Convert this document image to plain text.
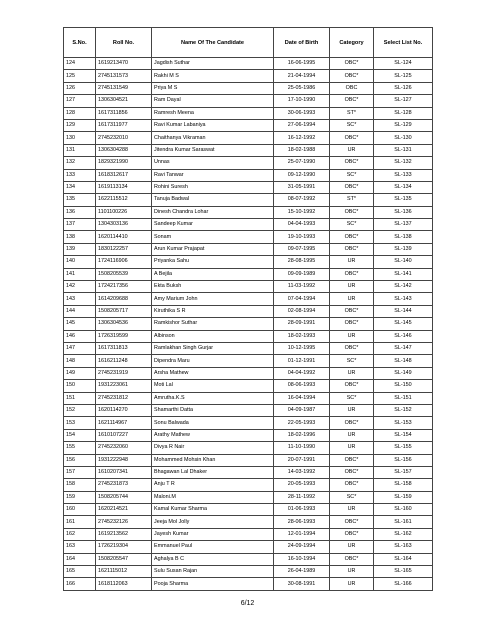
S.No.	Roll No.	Name Of The Candidate	Date of Birth	Category	Select List No.
124	1619213470	Jagdish Suthar	16-06-1995	OBC*	SL-124
125	2745131573	Rakhi M S	21-04-1994	OBC*	SL-125
126	2745131549	Priya M S	25-05-1986	OBC	SL-126
127	1306304521	Ram Dayal	17-10-1990	OBC*	SL-127
128	1617311856	Ramresh Meena	30-06-1993	ST*	SL-128
129	1617311977	Ravi Kumar Labaniya	27-06-1994	SC*	SL-129
130	2745232010	Chaithanya Vikraman	16-12-1992	OBC*	SL-130
131	1306304288	Jitendra Kumar Saraswat	18-02-1988	UR	SL-131
132	1829321990	Unnas	25-07-1990	OBC*	SL-132
133	1618312617	Ravi Tanwar	09-12-1990	SC*	SL-133
134	1619113134	Rohini Suresh	31-05-1991	OBC*	SL-134
135	1622115512	Tanuja Badwal	08-07-1992	ST*	SL-135
136	1101100226	Dinesh Chandra Lohar	15-10-1992	OBC*	SL-136
137	1304303136	Sandeep Kumar	04-04-1993	SC*	SL-137
138	1620114410	Sonam	19-10-1993	OBC*	SL-138
139	1830122257	Arun Kumar Prajapat	09-07-1995	OBC*	SL-139
140	1724116906	Priyanka Sahu	28-08-1995	UR	SL-140
141	1508205539	A Bejila	09-09-1989	OBC*	SL-141
142	1724217356	Ekta Buksh	11-03-1992	UR	SL-142
143	1614209688	Amy Marium John	07-04-1994	UR	SL-143
144	1508205717	Kiruthika S R	02-08-1994	OBC*	SL-144
145	1306304536	Ramkishor Suthar	28-09-1991	OBC*	SL-145
146	1726319599	Albinson	18-02-1993	UR	SL-146
147	1617311813	Ramlakhan Singh Gurjar	10-12-1995	OBC*	SL-147
148	1616211248	Dipendra Maru	01-12-1991	SC*	SL-148
149	2745231919	Arsha Mathew	04-04-1992	UR	SL-149
150	1931223061	Moti Lal	08-06-1993	OBC*	SL-150
151	2745231812	Amrutha.K.S	16-04-1994	SC*	SL-151
152	1620114270	Shamarthi Datta	04-09-1987	UR	SL-152
153	1621114967	Sonu Balwada	22-05-1993	OBC*	SL-153
154	1610107227	Arathy Mathew	18-02-1996	UR	SL-154
155	2745232060	Divya R Nair	11-10-1990	UR	SL-155
156	1931222948	Mohammed Mohsin Khan	20-07-1991	OBC*	SL-156
157	1610207341	Bhagawan Lal Dhaker	14-03-1992	OBC*	SL-157
158	2745231873	Anju T R	20-05-1993	OBC*	SL-158
159	1508205744	Maloni.M	28-11-1992	SC*	SL-159
160	1620214521	Kamal Kumar Sharma	01-06-1993	UR	SL-160
161	2745232126	Jeeja Mol Jolly	28-06-1993	OBC*	SL-161
162	1619213562	Jayesh Kumar	12-01-1994	OBC*	SL-162
163	1726219304	Emmanuel Paul	24-09-1994	UR	SL-163
164	1508205547	Aghalya B C	16-10-1994	OBC*	SL-164
165	1621115012	Sulu Susan Rajan	26-04-1989	UR	SL-165
166	1618112063	Pooja Sharma	30-08-1991	UR	SL-166
6/12
